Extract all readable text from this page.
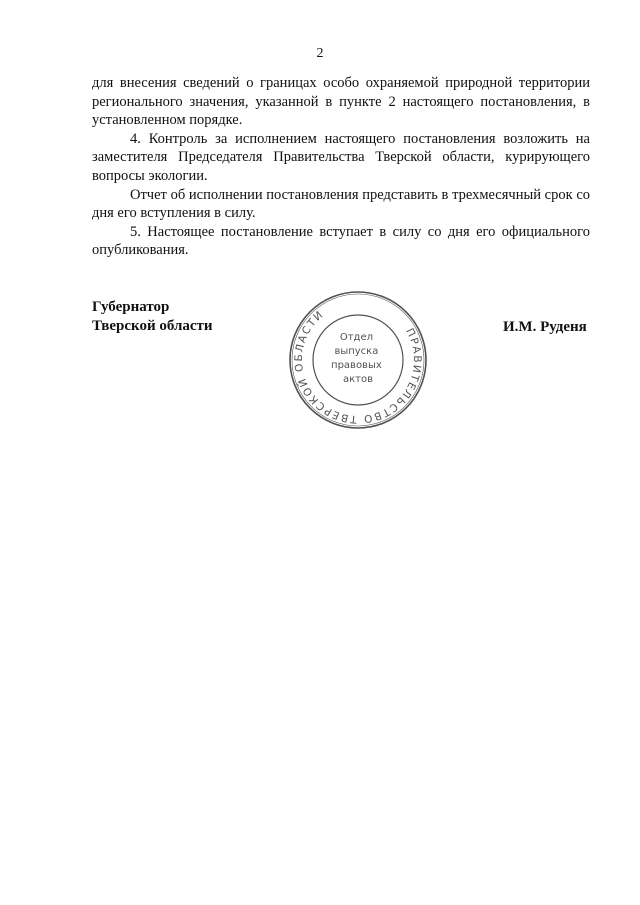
2

для внесения сведений о границах особо охраняемой природной территории регионального значения, указанной в пункте 2 настоящего постановления, в установленном порядке.

4. Контроль за исполнением настоящего постановления возложить на заместителя Председателя Правительства Тверской области, курирующего вопросы экологии.

Отчет об исполнении постановления представить в трехмесячный срок со дня его вступления в силу.

5. Настоящее постановление вступает в силу со дня его официального опубликования.

Губернатор
Тверской области	ПРАВИТЕЛЬСТВО ТВЕРСКОЙ ОБЛАСТИ
Отдел выпуска правовых актов
И.М. Руденя
